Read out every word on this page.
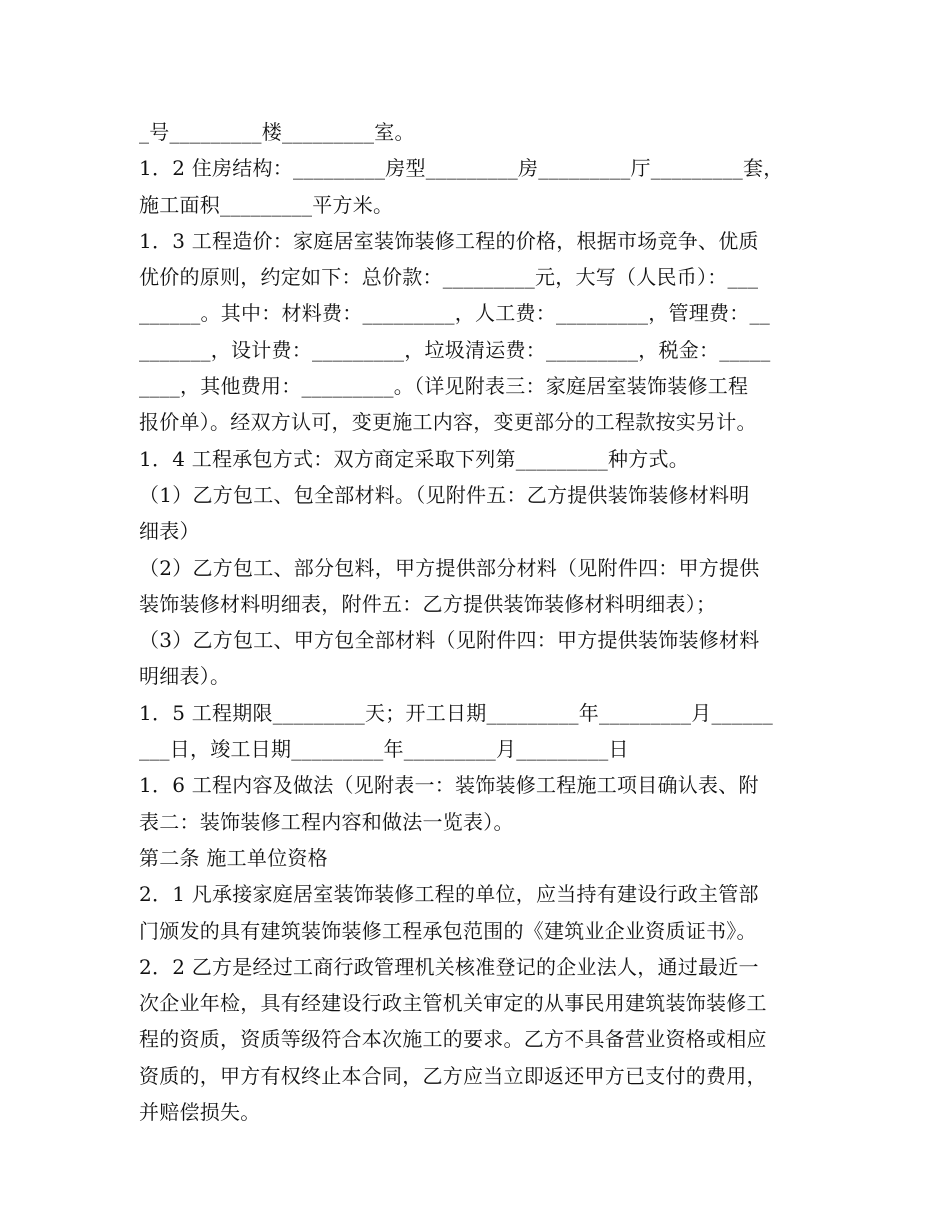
_号_________楼_________室。
1．2 住房结构：_________房型_________房_________厅_________套，
施工面积_________平方米。
1．3 工程造价：家庭居室装饰装修工程的价格，根据市场竞争、优质
优价的原则，约定如下：总价款：_________元，大写（人民币）：___
______。其中：材料费：_________，人工费：_________，管理费：__
_______，设计费：_________，垃圾清运费：_________，税金：_____
____，其他费用：_________。（详见附表三：家庭居室装饰装修工程
报价单）。经双方认可，变更施工内容，变更部分的工程款按实另计。
1．4 工程承包方式：双方商定采取下列第_________种方式。
（1）乙方包工、包全部材料。（见附件五：乙方提供装饰装修材料明
细表）
（2）乙方包工、部分包料，甲方提供部分材料（见附件四：甲方提供
装饰装修材料明细表，附件五：乙方提供装饰装修材料明细表）；
（3）乙方包工、甲方包全部材料（见附件四：甲方提供装饰装修材料
明细表）。
1．5 工程期限_________天；开工日期_________年_________月______
___日，竣工日期_________年_________月_________日
1．6 工程内容及做法（见附表一：装饰装修工程施工项目确认表、附
表二：装饰装修工程内容和做法一览表）。
第二条 施工单位资格
2．1 凡承接家庭居室装饰装修工程的单位，应当持有建设行政主管部
门颁发的具有建筑装饰装修工程承包范围的《建筑业企业资质证书》。
2．2 乙方是经过工商行政管理机关核准登记的企业法人，通过最近一
次企业年检，具有经建设行政主管机关审定的从事民用建筑装饰装修工
程的资质，资质等级符合本次施工的要求。乙方不具备营业资格或相应
资质的，甲方有权终止本合同，乙方应当立即返还甲方已支付的费用，
并赔偿损失。
